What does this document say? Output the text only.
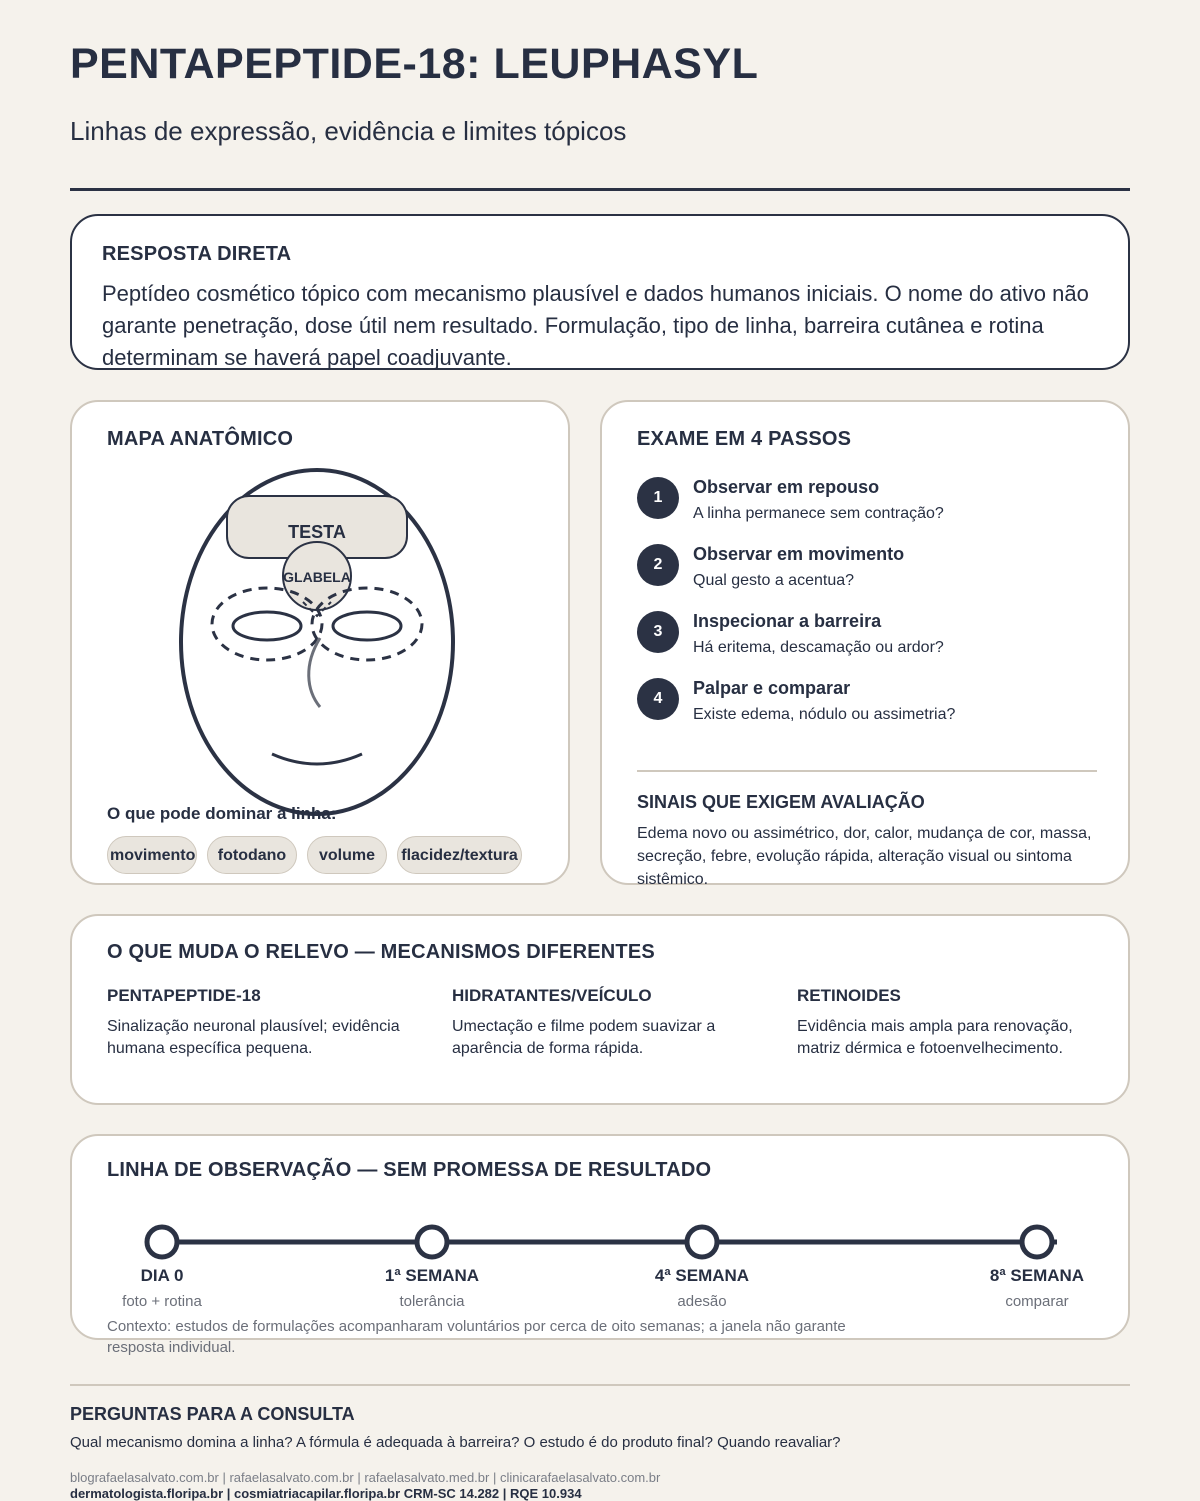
PENTAPEPTIDE-18: LEUPHASYL
Linhas de expressão, evidência e limites tópicos
RESPOSTA DIRETA
Peptídeo cosmético tópico com mecanismo plausível e dados humanos iniciais. O nome do ativo não garante penetração, dose útil nem resultado. Formulação, tipo de linha, barreira cutânea e rotina determinam se haverá papel coadjuvante.
MAPA ANATÔMICO
TESTA
GLABELA
O que pode dominar a linha:
movimento	fotodano	volume	flacidez/textura
EXAME EM 4 PASSOS
1
Observar em repouso
A linha permanece sem contração?
2
Observar em movimento
Qual gesto a acentua?
3
Inspecionar a barreira
Há eritema, descamação ou ardor?
4
Palpar e comparar
Existe edema, nódulo ou assimetria?
SINAIS QUE EXIGEM AVALIAÇÃO
Edema novo ou assimétrico, dor, calor, mudança de cor, massa, secreção, febre, evolução rápida, alteração visual ou sintoma sistêmico.
O QUE MUDA O RELEVO — MECANISMOS DIFERENTES
PENTAPEPTIDE-18
Sinalização neuronal plausível; evidência humana específica pequena.
HIDRATANTES/VEÍCULO
Umectação e filme podem suavizar a aparência de forma rápida.
RETINOIDES
Evidência mais ampla para renovação, matriz dérmica e fotoenvelhecimento.
LINHA DE OBSERVAÇÃO — SEM PROMESSA DE RESULTADO
DIA 0
foto + rotina
1ª SEMANA
tolerância
4ª SEMANA
adesão
8ª SEMANA
comparar
Contexto: estudos de formulações acompanharam voluntários por cerca de oito semanas; a janela não garante resposta individual.
PERGUNTAS PARA A CONSULTA
Qual mecanismo domina a linha? A fórmula é adequada à barreira? O estudo é do produto final? Quando reavaliar?
blografaelasalvato.com.br | rafaelasalvato.com.br | rafaelasalvato.med.br | clinicarafaelasalvato.com.br
dermatologista.floripa.br | cosmiatriacapilar.floripa.br CRM-SC 14.282 | RQE 10.934
